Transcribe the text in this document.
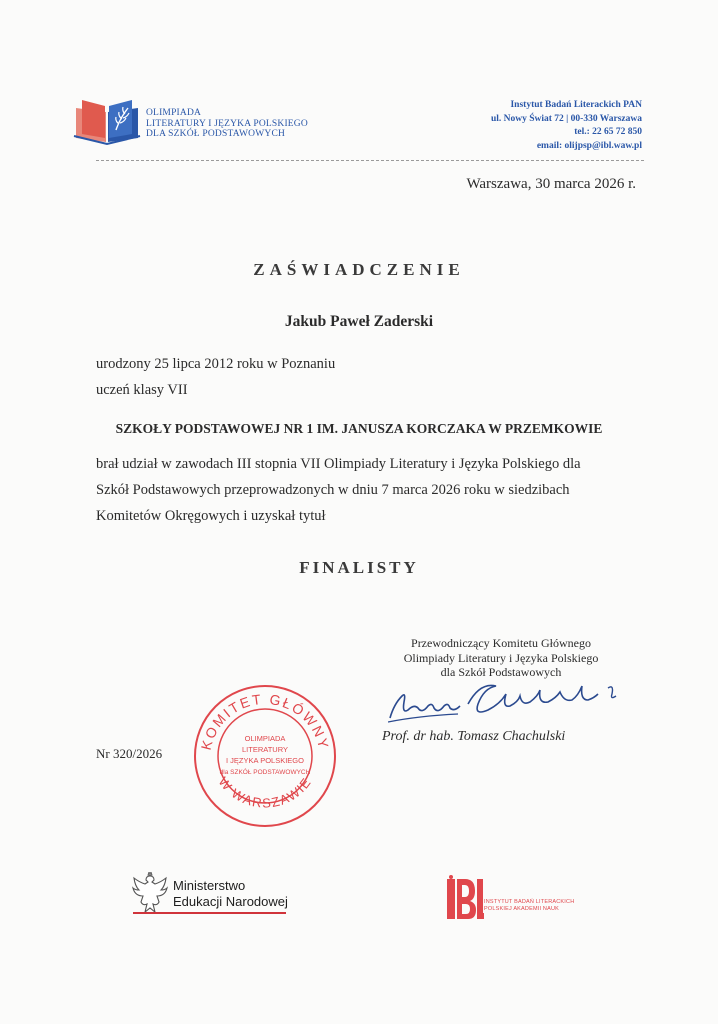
OLIMPIADA
LITERATURY I JĘZYKA POLSKIEGO
DLA SZKÓŁ PODSTAWOWYCH
Instytut Badań Literackich PAN
ul. Nowy Świat 72 | 00-330 Warszawa
tel.: 22 65 72 850
email: olijpsp@ibl.waw.pl
Warszawa, 30 marca 2026 r.
ZAŚWIADCZENIE
Jakub Paweł Zaderski
urodzony 25 lipca 2012 roku w Poznaniu
uczeń klasy VII
SZKOŁY PODSTAWOWEJ NR 1 IM. JANUSZA KORCZAKA W PRZEMKOWIE
brał udział w zawodach III stopnia VII Olimpiady Literatury i Języka Polskiego dla
Szkół Podstawowych przeprowadzonych w dniu 7 marca 2026 roku w siedzibach
Komitetów Okręgowych i uzyskał tytuł
FINALISTY
Przewodniczący Komitetu Głównego
Olimpiady Literatury i Języka Polskiego
dla Szkół Podstawowych
Prof. dr hab. Tomasz Chachulski
Nr 320/2026
KOMITET GŁÓWNY
W WARSZAWIE
OLIMPIADA
LITERATURY
I JĘZYKA POLSKIEGO
dla SZKÓŁ PODSTAWOWYCH
Ministerstwo
Edukacji Narodowej	INSTYTUT BADAŃ LITERACKICH
POLSKIEJ AKADEMII NAUK
